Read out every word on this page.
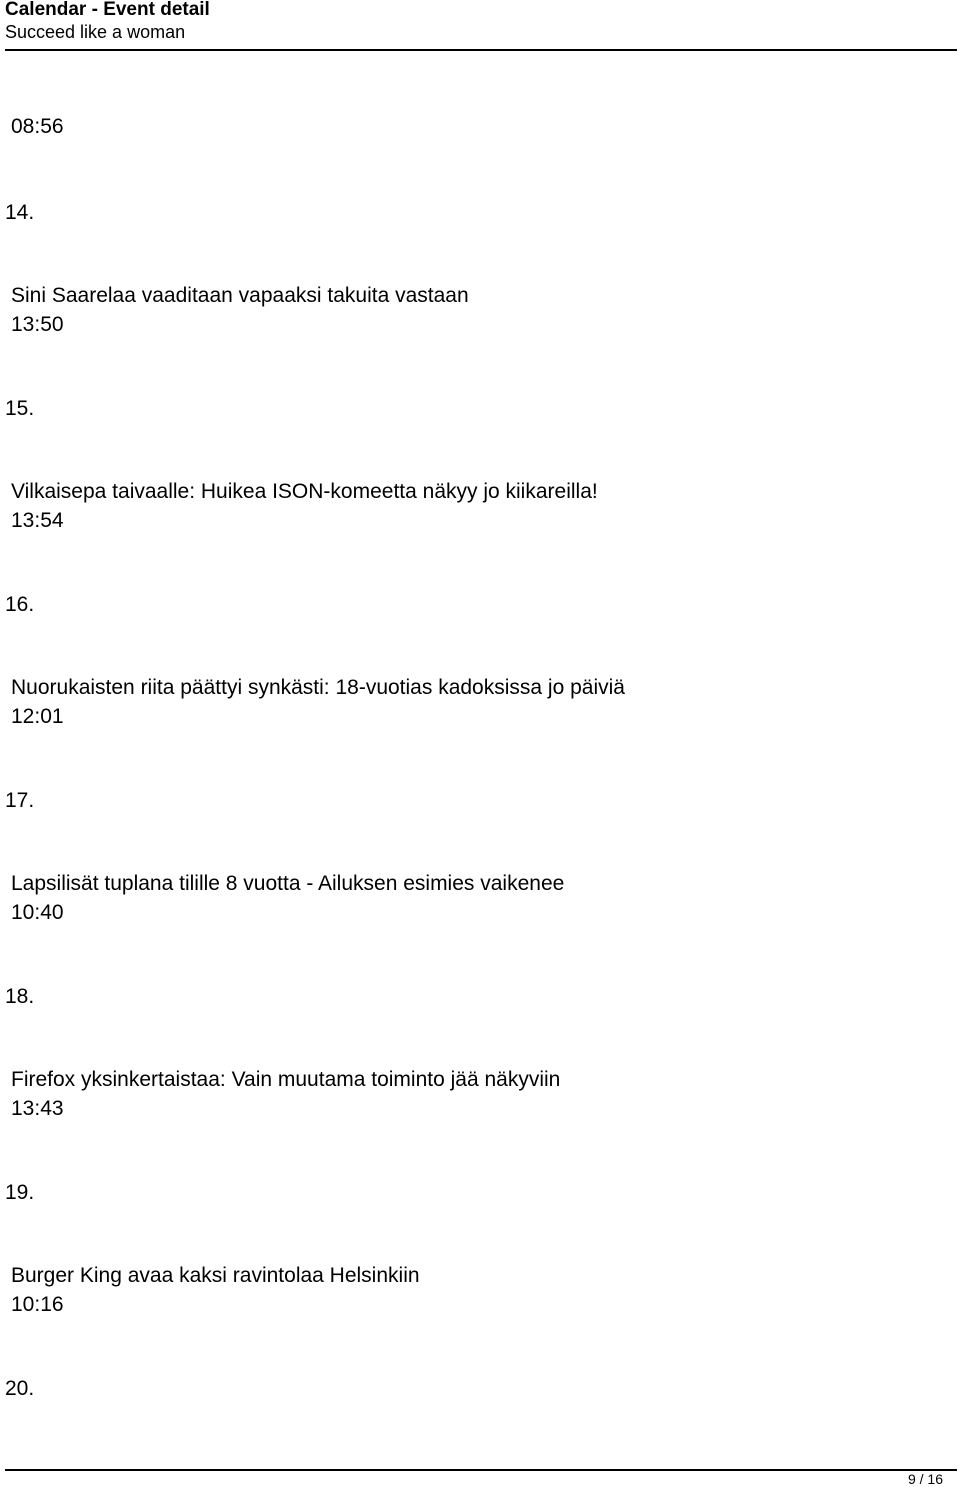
Calendar - Event detail
Succeed like a woman
08:56
14.
Sini Saarelaa vaaditaan vapaaksi takuita vastaan
13:50
15.
Vilkaisepa taivaalle: Huikea ISON-komeetta näkyy jo kiikareilla!
13:54
16.
Nuorukaisten riita päättyi synkästi: 18-vuotias kadoksissa jo päiviä
12:01
17.
Lapsilisät tuplana tilille 8 vuotta - Ailuksen esimies vaikenee
10:40
18.
Firefox yksinkertaistaa: Vain muutama toiminto jää näkyviin
13:43
19.
Burger King avaa kaksi ravintolaa Helsinkiin
10:16
20.
9 / 16
